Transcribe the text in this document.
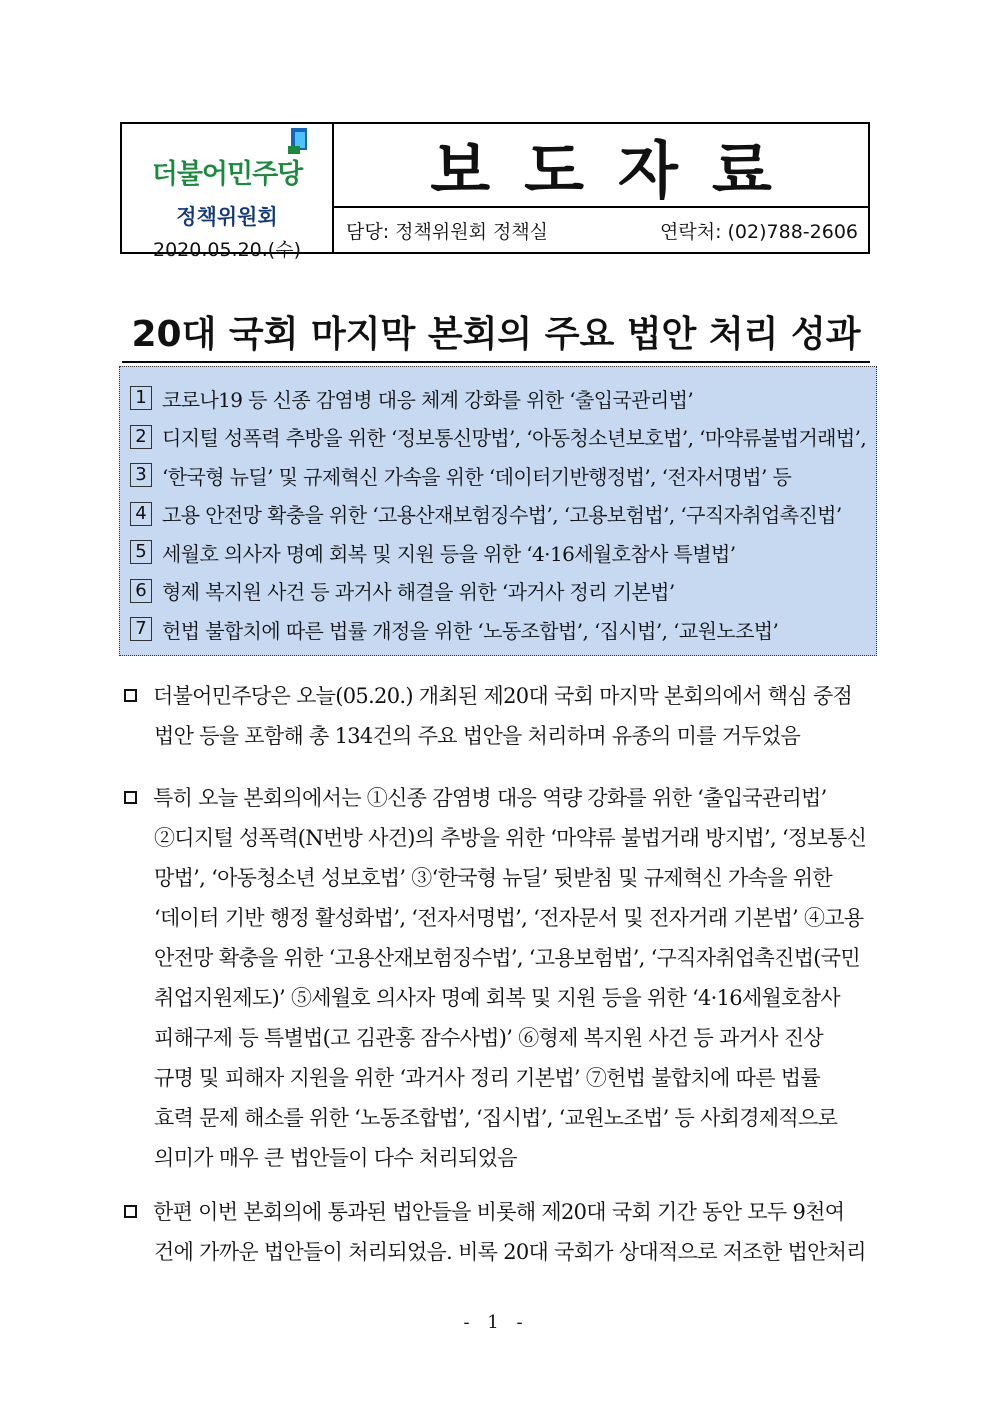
더불어민주당
정책위원회
2020.05.20.(수)
보도자료
담당: 정책위원회 정책실	연락처: (02)788-2606
20대 국회 마지막 본회의 주요 법안 처리 성과
1 코로나19 등 신종 감염병 대응 체계 강화를 위한 ‘출입국관리법’
2 디지털 성폭력 추방을 위한 ‘정보통신망법’, ‘아동청소년보호법’, ‘마약류불법거래법’,
3 ‘한국형 뉴딜’ 및 규제혁신 가속을 위한 ‘데이터기반행정법’, ‘전자서명법’ 등
4 고용 안전망 확충을 위한 ‘고용산재보험징수법’, ‘고용보험법’, ‘구직자취업촉진법’
5 세월호 의사자 명예 회복 및 지원 등을 위한 ‘4·16세월호참사 특별법’
6 형제 복지원 사건 등 과거사 해결을 위한 ‘과거사 정리 기본법’
7 헌법 불합치에 따른 법률 개정을 위한 ‘노동조합법’, ‘집시법’, ‘교원노조법’
더불어민주당은 오늘(05.20.) 개최된 제20대 국회 마지막 본회의에서 핵심 중점
법안 등을 포함해 총 134건의 주요 법안을 처리하며 유종의 미를 거두었음
특히 오늘 본회의에서는 ①신종 감염병 대응 역량 강화를 위한 ‘출입국관리법’
②디지털 성폭력(N번방 사건)의 추방을 위한 ‘마약류 불법거래 방지법’, ‘정보통신
망법’, ‘아동청소년 성보호법’ ③‘한국형 뉴딜’ 뒷받침 및 규제혁신 가속을 위한
‘데이터 기반 행정 활성화법’, ‘전자서명법’, ‘전자문서 및 전자거래 기본법’ ④고용
안전망 확충을 위한 ‘고용산재보험징수법’, ‘고용보험법’, ‘구직자취업촉진법(국민
취업지원제도)’ ⑤세월호 의사자 명예 회복 및 지원 등을 위한 ‘4·16세월호참사
피해구제 등 특별법(고 김관홍 잠수사법)’ ⑥형제 복지원 사건 등 과거사 진상
규명 및 피해자 지원을 위한 ‘과거사 정리 기본법’ ⑦헌법 불합치에 따른 법률
효력 문제 해소를 위한 ‘노동조합법’, ‘집시법’, ‘교원노조법’ 등 사회경제적으로
의미가 매우 큰 법안들이 다수 처리되었음
한편 이번 본회의에 통과된 법안들을 비롯해 제20대 국회 기간 동안 모두 9천여
건에 가까운 법안들이 처리되었음. 비록 20대 국회가 상대적으로 저조한 법안처리
- 1 -
